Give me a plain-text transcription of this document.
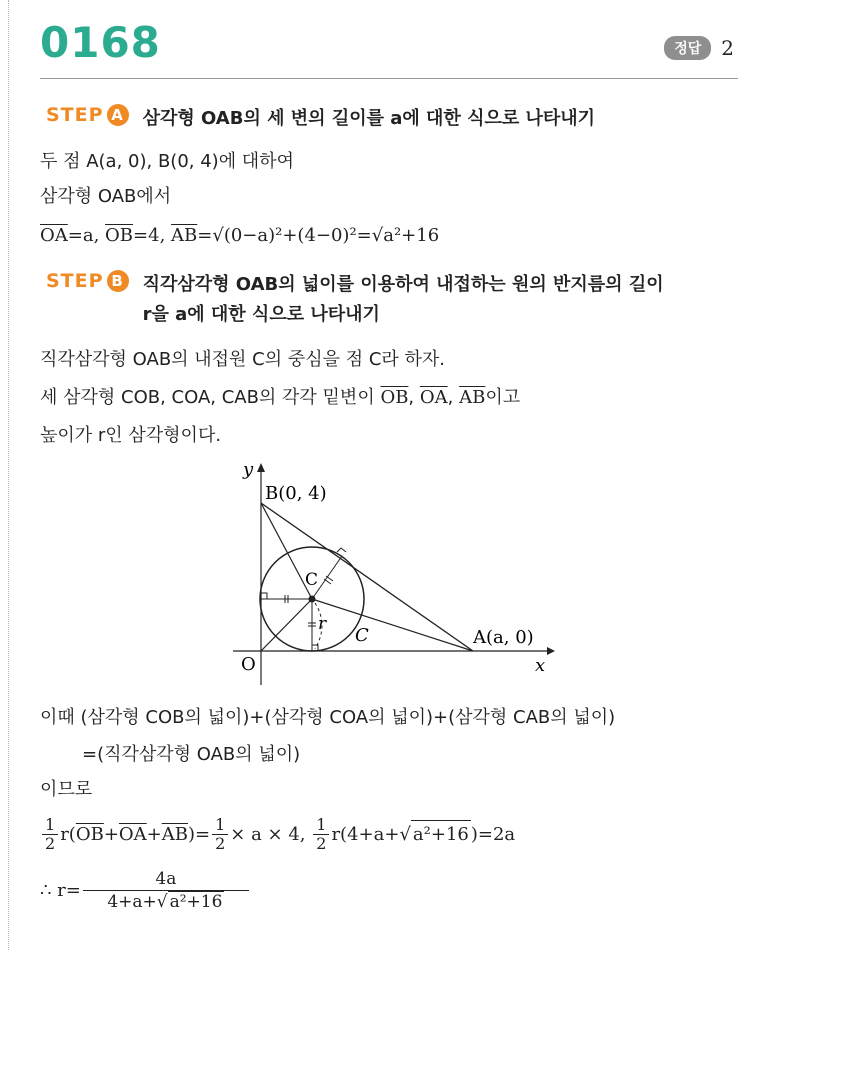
0168	정답	2
STEP A 삼각형 OAB의 세 변의 길이를 a에 대한 식으로 나타내기
두 점 A(a, 0), B(0, 4)에 대하여
삼각형 OAB에서
$\overline{OA}=a$, $\overline{OB}=4$, $\overline{AB}=√(0-a)^2+(4-0)^2=√a^2+16$
STEP B 직각삼각형 OAB의 넓이를 이용하여 내접하는 원의 반지름의 길이
r을 a에 대한 식으로 나타내기
직각삼각형 OAB의 내접원 C의 중심을 점 C라 하자.
세 삼각형 COB, COA, CAB의 각각 밑변이 $\overline{OB}$, $\overline{OA}$, $\overline{AB}$이고
높이가 r인 삼각형이다.
y
x
O
B(0, 4)
A(a, 0)
C
C
r
이때 (삼각형 COB의 넓이)+(삼각형 COA의 넓이)+(삼각형 CAB의 넓이)
=(직각삼각형 OAB의 넓이)
이므로
$\frac{1}{2} r$( $\overline{OB} + \overline{OA} + \overline{AB}$ )= $\frac{1}{2} \times a \times 4$,
$\frac{1}{2} r(4+a+$ √ a²+16 )=2a
∴ $r= \frac{4a}{\text{4+a+√ a²+16}}$
